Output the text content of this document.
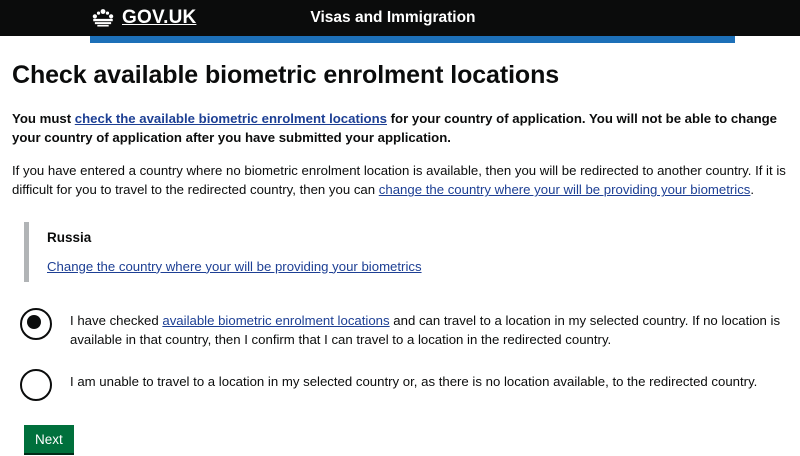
GOV.UK	Visas and Immigration
Check available biometric enrolment locations

You must check the available biometric enrolment locations for your country of application. You will not be able to change your country of application after you have submitted your application.

If you have entered a country where no biometric enrolment location is available, then you will be redirected to another country. If it is difficult for you to travel to the redirected country, then you can change the country where your will be providing your biometrics.

Russia
Change the country where your will be providing your biometrics
I have checked available biometric enrolment locations and can travel to a location in my selected country. If no location is available in that country, then I confirm that I can travel to a location in the redirected country.
I am unable to travel to a location in my selected country or, as there is no location available, to the redirected country.
Next
